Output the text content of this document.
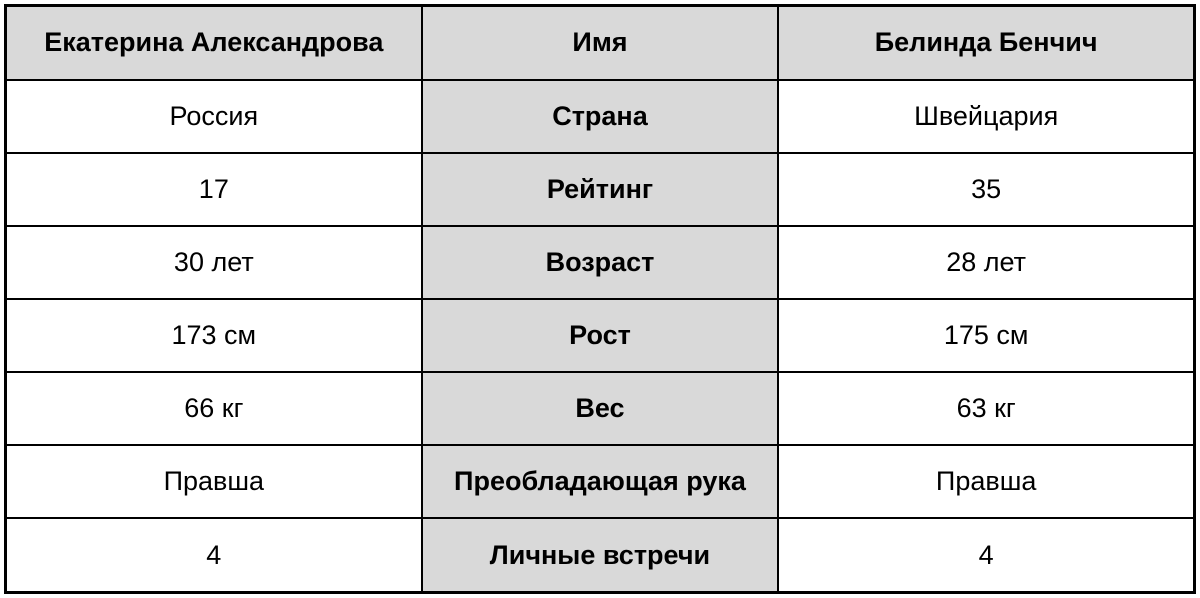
Екатерина Александрова	Имя	Белинда Бенчич
Россия	Страна	Швейцария
17	Рейтинг	35
30 лет	Возраст	28 лет
173 см	Рост	175 см
66 кг	Вес	63 кг
Правша	Преобладающая рука	Правша
4	Личные встречи	4
